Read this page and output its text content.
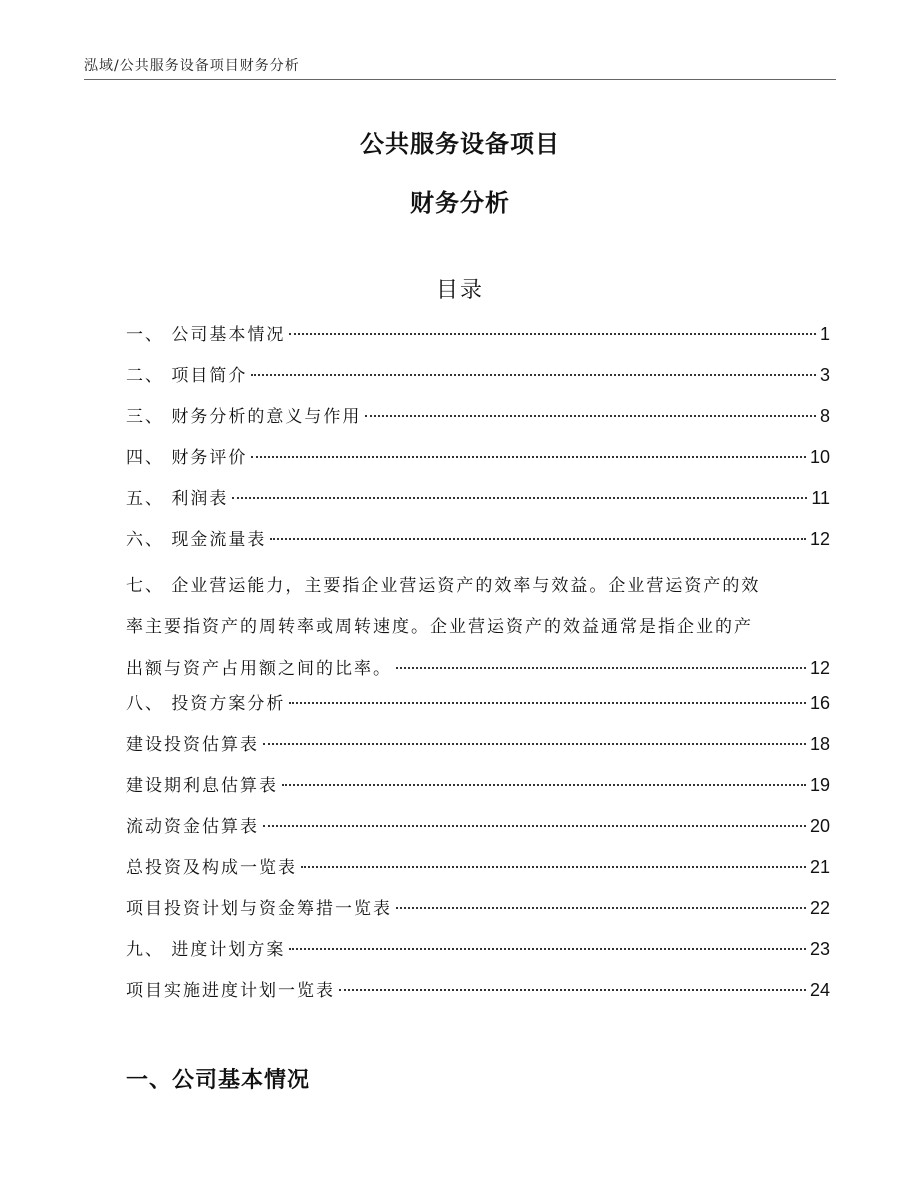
泓域/公共服务设备项目财务分析
公共服务设备项目
财务分析
目录
一、 公司基本情况	1
二、 项目简介	3
三、 财务分析的意义与作用	8
四、 财务评价	10
五、 利润表	11
六、 现金流量表	12
七、 企业营运能力，主要指企业营运资产的效率与效益。企业营运资产的效
率主要指资产的周转率或周转速度。企业营运资产的效益通常是指企业的产
出额与资产占用额之间的比率。	12
八、 投资方案分析	16
建设投资估算表	18
建设期利息估算表	19
流动资金估算表	20
总投资及构成一览表	21
项目投资计划与资金筹措一览表	22
九、 进度计划方案	23
项目实施进度计划一览表	24
一、公司基本情况
